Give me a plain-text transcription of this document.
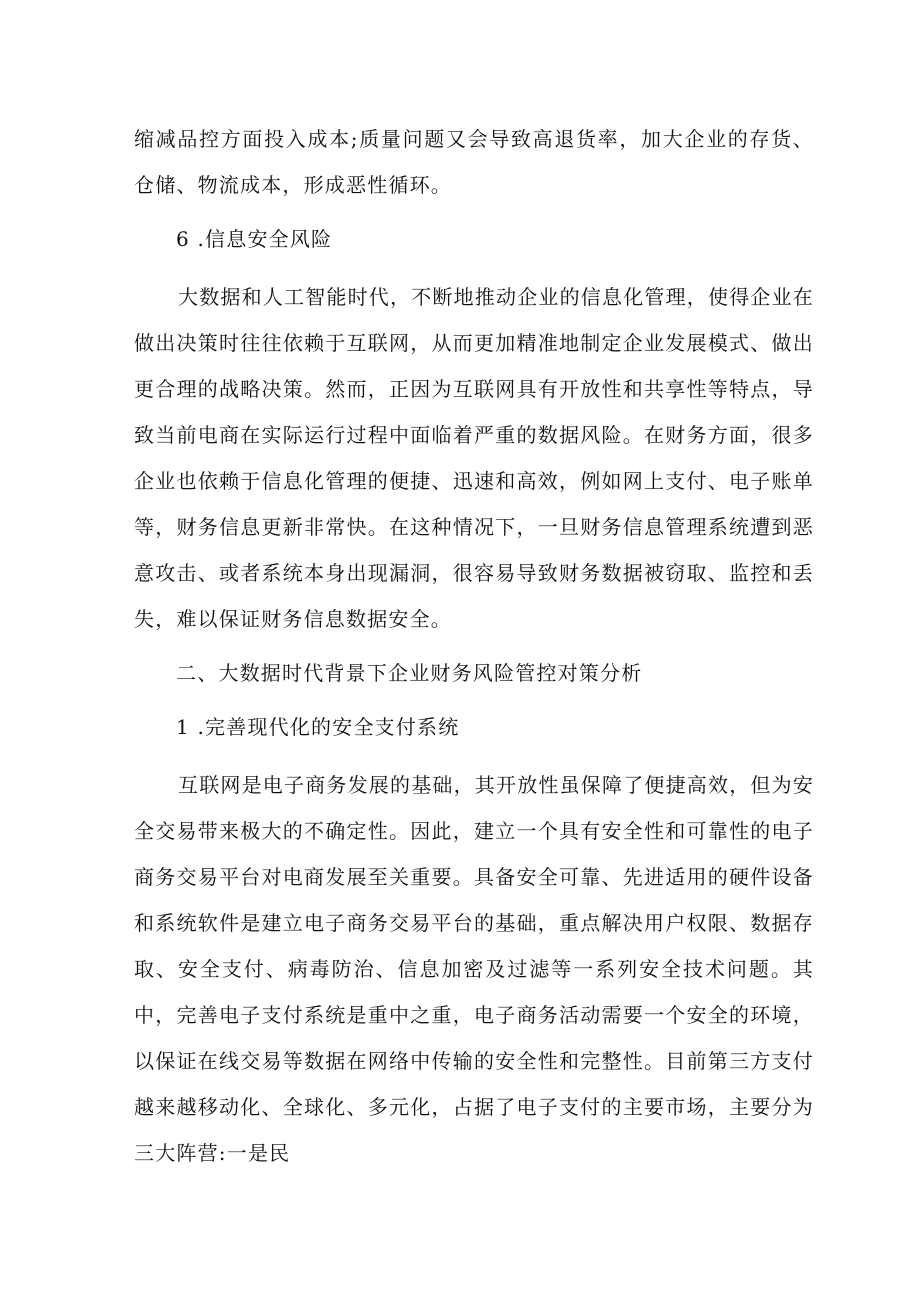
缩减品控方面投入成本;质量问题又会导致高退货率，加大企业的存货、仓储、物流成本，形成恶性循环。

6 .信息安全风险

大数据和人工智能时代，不断地推动企业的信息化管理，使得企业在做出决策时往往依赖于互联网，从而更加精准地制定企业发展模式、做出更合理的战略决策。然而，正因为互联网具有开放性和共享性等特点，导致当前电商在实际运行过程中面临着严重的数据风险。在财务方面，很多企业也依赖于信息化管理的便捷、迅速和高效，例如网上支付、电子账单等，财务信息更新非常快。在这种情况下，一旦财务信息管理系统遭到恶意攻击、或者系统本身出现漏洞，很容易导致财务数据被窃取、监控和丢失，难以保证财务信息数据安全。

二、大数据时代背景下企业财务风险管控对策分析

1 .完善现代化的安全支付系统

互联网是电子商务发展的基础，其开放性虽保障了便捷高效，但为安全交易带来极大的不确定性。因此，建立一个具有安全性和可靠性的电子商务交易平台对电商发展至关重要。具备安全可靠、先进适用的硬件设备和系统软件是建立电子商务交易平台的基础，重点解决用户权限、数据存取、安全支付、病毒防治、信息加密及过滤等一系列安全技术问题。其中，完善电子支付系统是重中之重，电子商务活动需要一个安全的环境，以保证在线交易等数据在网络中传输的安全性和完整性。目前第三方支付越来越移动化、全球化、多元化，占据了电子支付的主要市场，主要分为三大阵营:一是民
